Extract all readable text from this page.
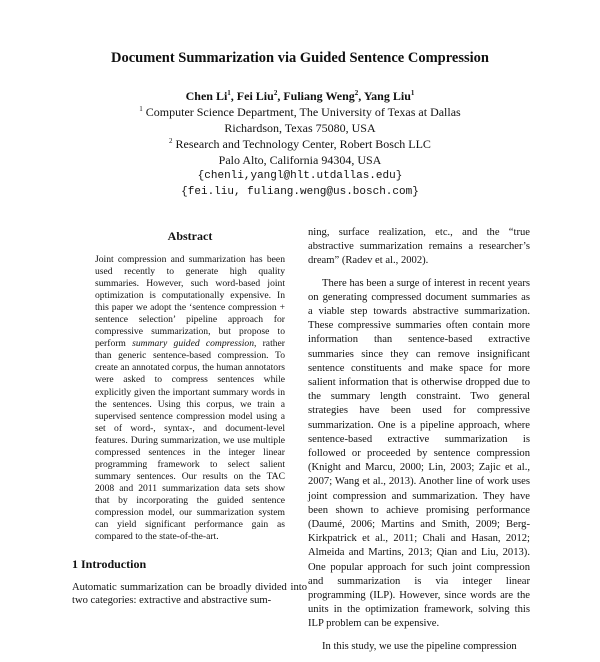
Document Summarization via Guided Sentence Compression
Chen Li$^1$, Fei Liu$^2$, Fuliang Weng$^2$, Yang Liu$^1$
$^1$ Computer Science Department, The University of Texas at Dallas
Richardson, Texas 75080, USA
$^2$ Research and Technology Center, Robert Bosch LLC
Palo Alto, California 94304, USA
{chenli,yangl@hlt.utdallas.edu}
{fei.liu, fuliang.weng@us.bosch.com}
Abstract
Joint compression and summarization has been used recently to generate high quality summaries. However, such word-based joint optimization is computationally expensive. In this paper we adopt the ‘sentence compression + sentence selection’ pipeline approach for compressive summarization, but propose to perform summary guided compression, rather than generic sentence-based compression. To create an annotated corpus, the human annotators were asked to compress sentences while explicitly given the important summary words in the sentences. Using this corpus, we train a supervised sentence compression model using a set of word-, syntax-, and document-level features. During summarization, we use multiple compressed sentences in the integer linear programming framework to select salient summary sentences. Our results on the TAC 2008 and 2011 summarization data sets show that by incorporating the guided sentence compression model, our summarization system can yield significant performance gain as compared to the state-of-the-art.
1 Introduction
Automatic summarization can be broadly divided into two categories: extractive and abstractive sum-

ning, surface realization, etc., and the “true abstractive summarization remains a researcher’s dream” (Radev et al., 2002).

There has been a surge of interest in recent years on generating compressed document summaries as a viable step towards abstractive summarization. These compressive summaries often contain more information than sentence-based extractive summaries since they can remove insignificant sentence constituents and make space for more salient information that is otherwise dropped due to the summary length constraint. Two general strategies have been used for compressive summarization. One is a pipeline approach, where sentence-based extractive summarization is followed or proceeded by sentence compression (Knight and Marcu, 2000; Lin, 2003; Zajic et al., 2007; Wang et al., 2013). Another line of work uses joint compression and summarization. They have been shown to achieve promising performance (Daumé, 2006; Martins and Smith, 2009; Berg-Kirkpatrick et al., 2011; Chali and Hasan, 2012; Almeida and Martins, 2013; Qian and Liu, 2013). One popular approach for such joint compression and summarization is via integer linear programming (ILP). However, since words are the units in the optimization framework, solving this ILP problem can be expensive.

In this study, we use the pipeline compression
